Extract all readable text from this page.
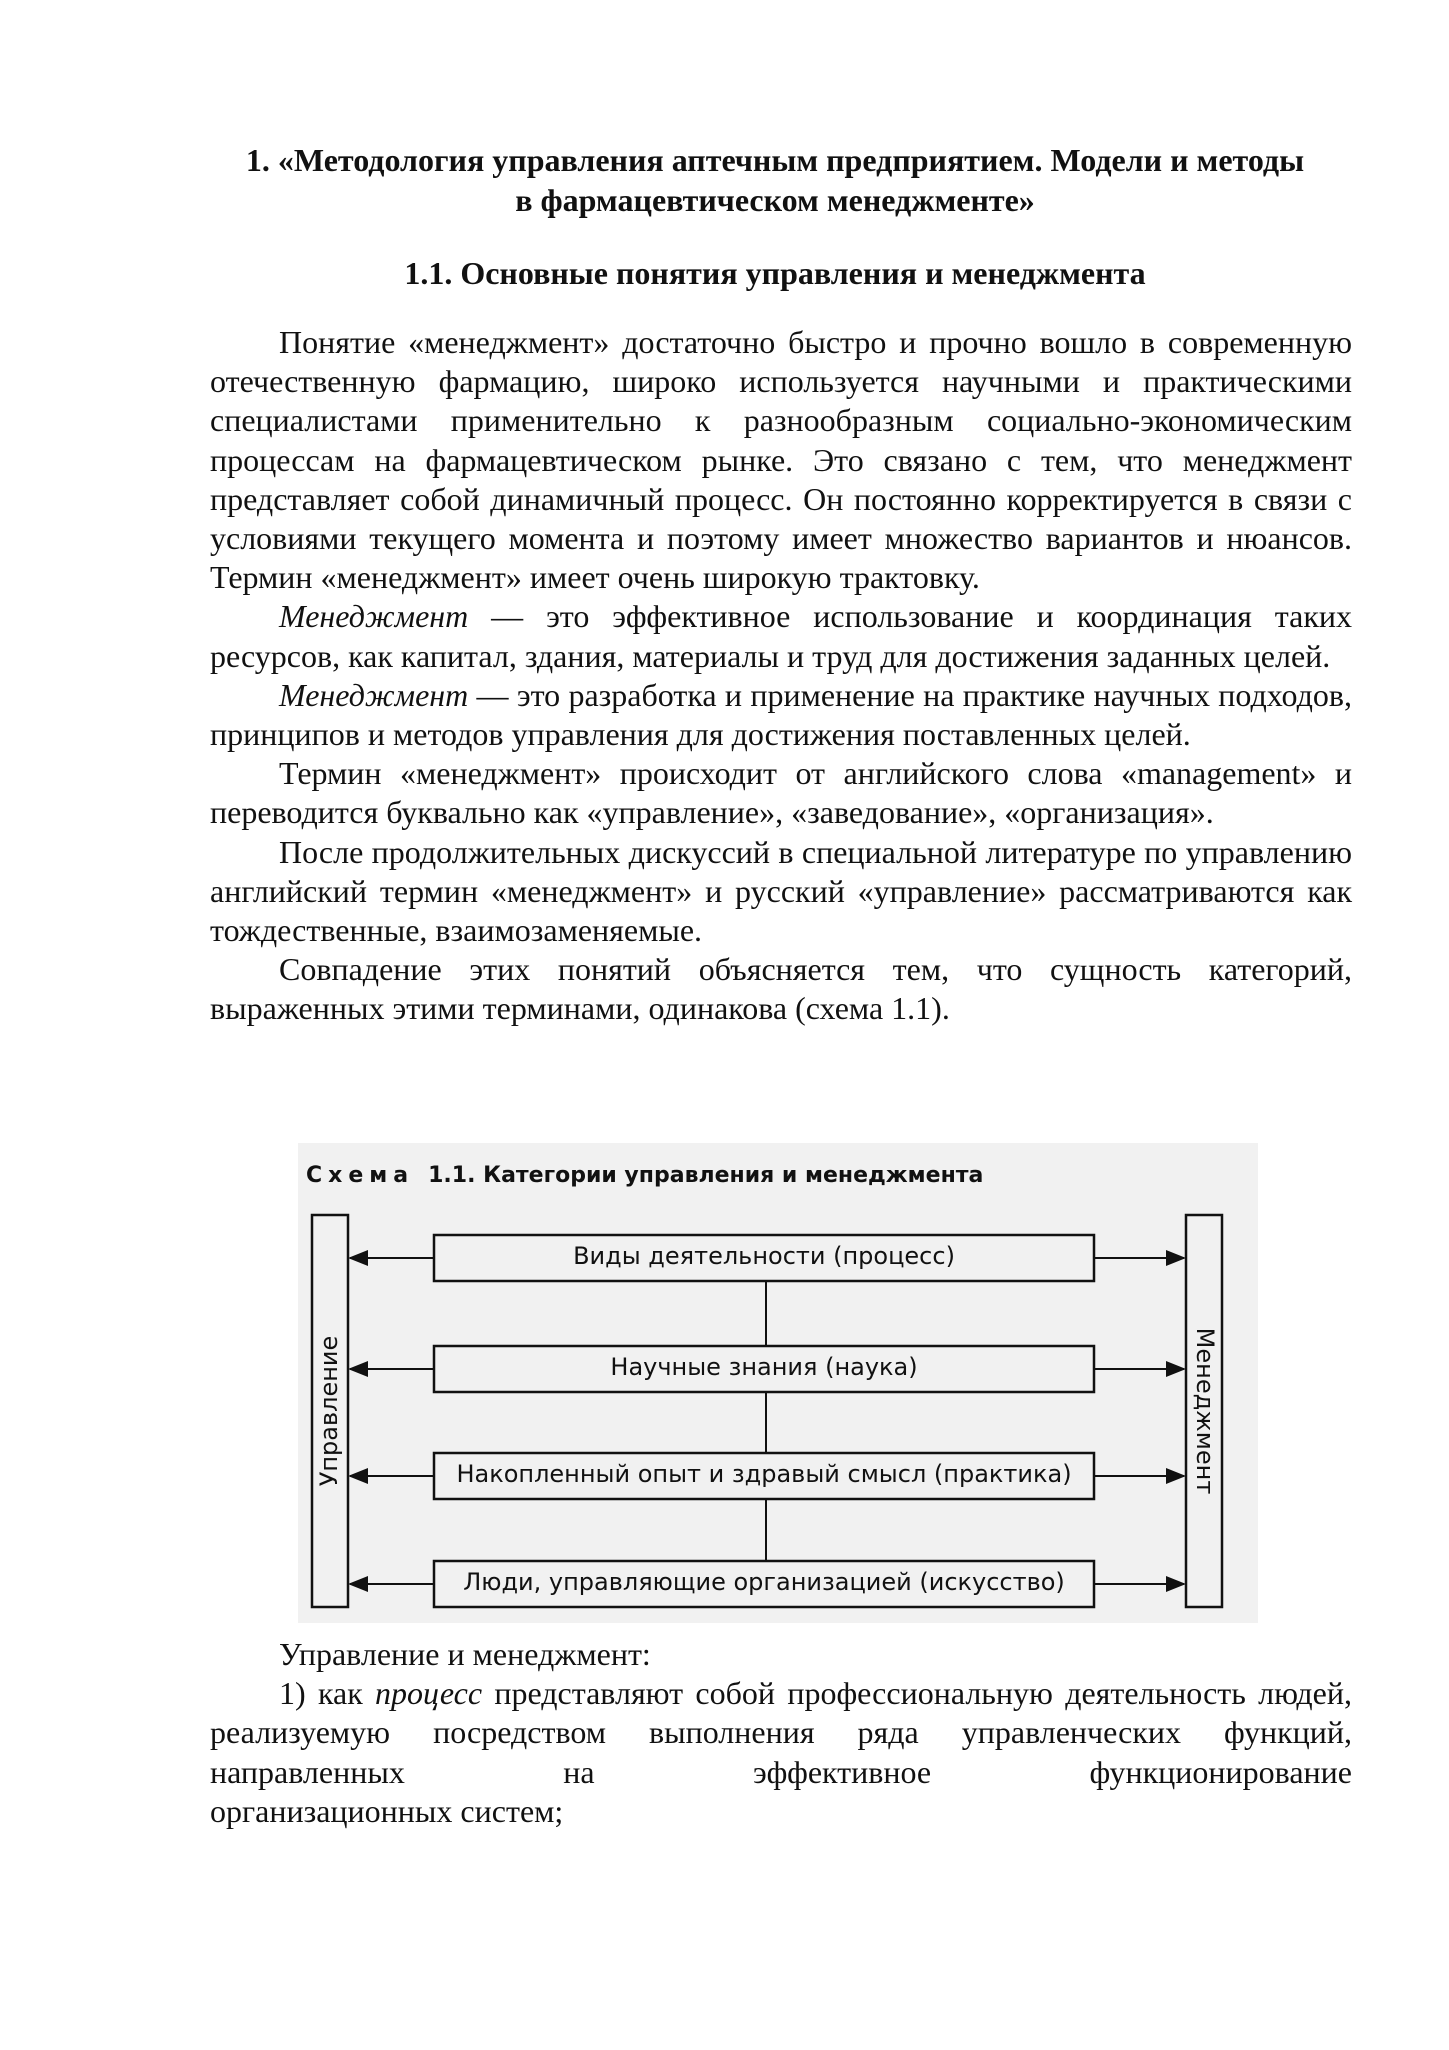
1. «Методология управления аптечным предприятием. Модели и методы
в фармацевтическом менеджменте»
1.1. Основные понятия управления и менеджмента

Понятие «менеджмент» достаточно быстро и прочно вошло в современную отечественную фармацию, широко используется научными и практическими специалистами применительно к разнообразным социально-экономическим процессам на фармацевтическом рынке. Это связано с тем, что менеджмент представляет собой динамичный процесс. Он постоянно корректируется в связи с условиями текущего момента и поэтому имеет множество вариантов и нюансов. Термин «менеджмент» имеет очень широкую трактовку.

Менеджмент — это эффективное использование и координация таких ресурсов, как капитал, здания, материалы и труд для достижения заданных целей.

Менеджмент — это разработка и применение на практике научных подходов, принципов и методов управления для достижения поставленных целей.

Термин «менеджмент» происходит от английского слова «management» и переводится буквально как «управление», «заведование», «организация».

После продолжительных дискуссий в специальной литературе по управлению английский термин «менеджмент» и русский «управление» рассматриваются как тождественные, взаимозаменяемые.

Совпадение этих понятий объясняется тем, что сущность категорий, выраженных этими терминами, одинакова (схема 1.1).

Управление	Менеджмент
Схема 1.1. Категории управления и менеджмента
Виды деятельности (процесс)
Научные знания (наука)
Накопленный опыт и здравый смысл (практика)
Люди, управляющие организацией (искусство)

Управление и менеджмент:

1) как процесс представляют собой профессиональную деятельность людей, реализуемую посредством выполнения ряда управленческих функций, направленных на эффективное функционирование

организационных систем;
